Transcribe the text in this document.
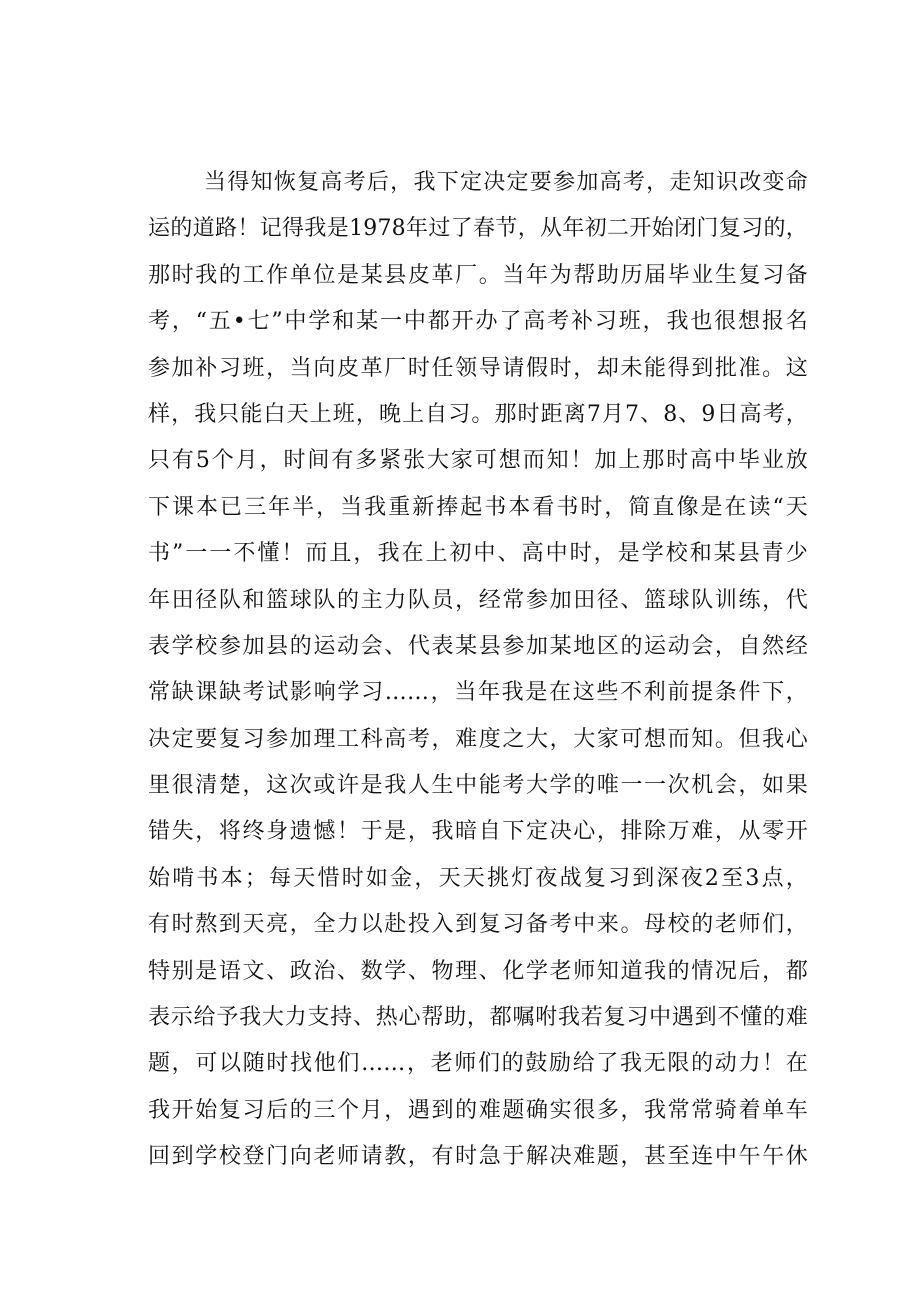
当得知恢复高考后，我下定决定要参加高考，走知识改变命
运的道路！记得我是1978年过了春节，从年初二开始闭门复习的，
那时我的工作单位是某县皮革厂。当年为帮助历届毕业生复习备
考，“五•七”中学和某一中都开办了高考补习班，我也很想报名
参加补习班，当向皮革厂时任领导请假时，却未能得到批准。这
样，我只能白天上班，晚上自习。那时距离7月7、8、9日高考，
只有5个月，时间有多紧张大家可想而知！加上那时高中毕业放
下课本已三年半，当我重新捧起书本看书时，简直像是在读“天
书”一一不懂！而且，我在上初中、高中时，是学校和某县青少
年田径队和篮球队的主力队员，经常参加田径、篮球队训练，代
表学校参加县的运动会、代表某县参加某地区的运动会，自然经
常缺课缺考试影响学习……，当年我是在这些不利前提条件下，
决定要复习参加理工科高考，难度之大，大家可想而知。但我心
里很清楚，这次或许是我人生中能考大学的唯一一次机会，如果
错失，将终身遗憾！于是，我暗自下定决心，排除万难，从零开
始啃书本；每天惜时如金，天天挑灯夜战复习到深夜2至3点，
有时熬到天亮，全力以赴投入到复习备考中来。母校的老师们，
特别是语文、政治、数学、物理、化学老师知道我的情况后，都
表示给予我大力支持、热心帮助，都嘱咐我若复习中遇到不懂的难
题，可以随时找他们……，老师们的鼓励给了我无限的动力！在
我开始复习后的三个月，遇到的难题确实很多，我常常骑着单车
回到学校登门向老师请教，有时急于解决难题，甚至连中午午休
